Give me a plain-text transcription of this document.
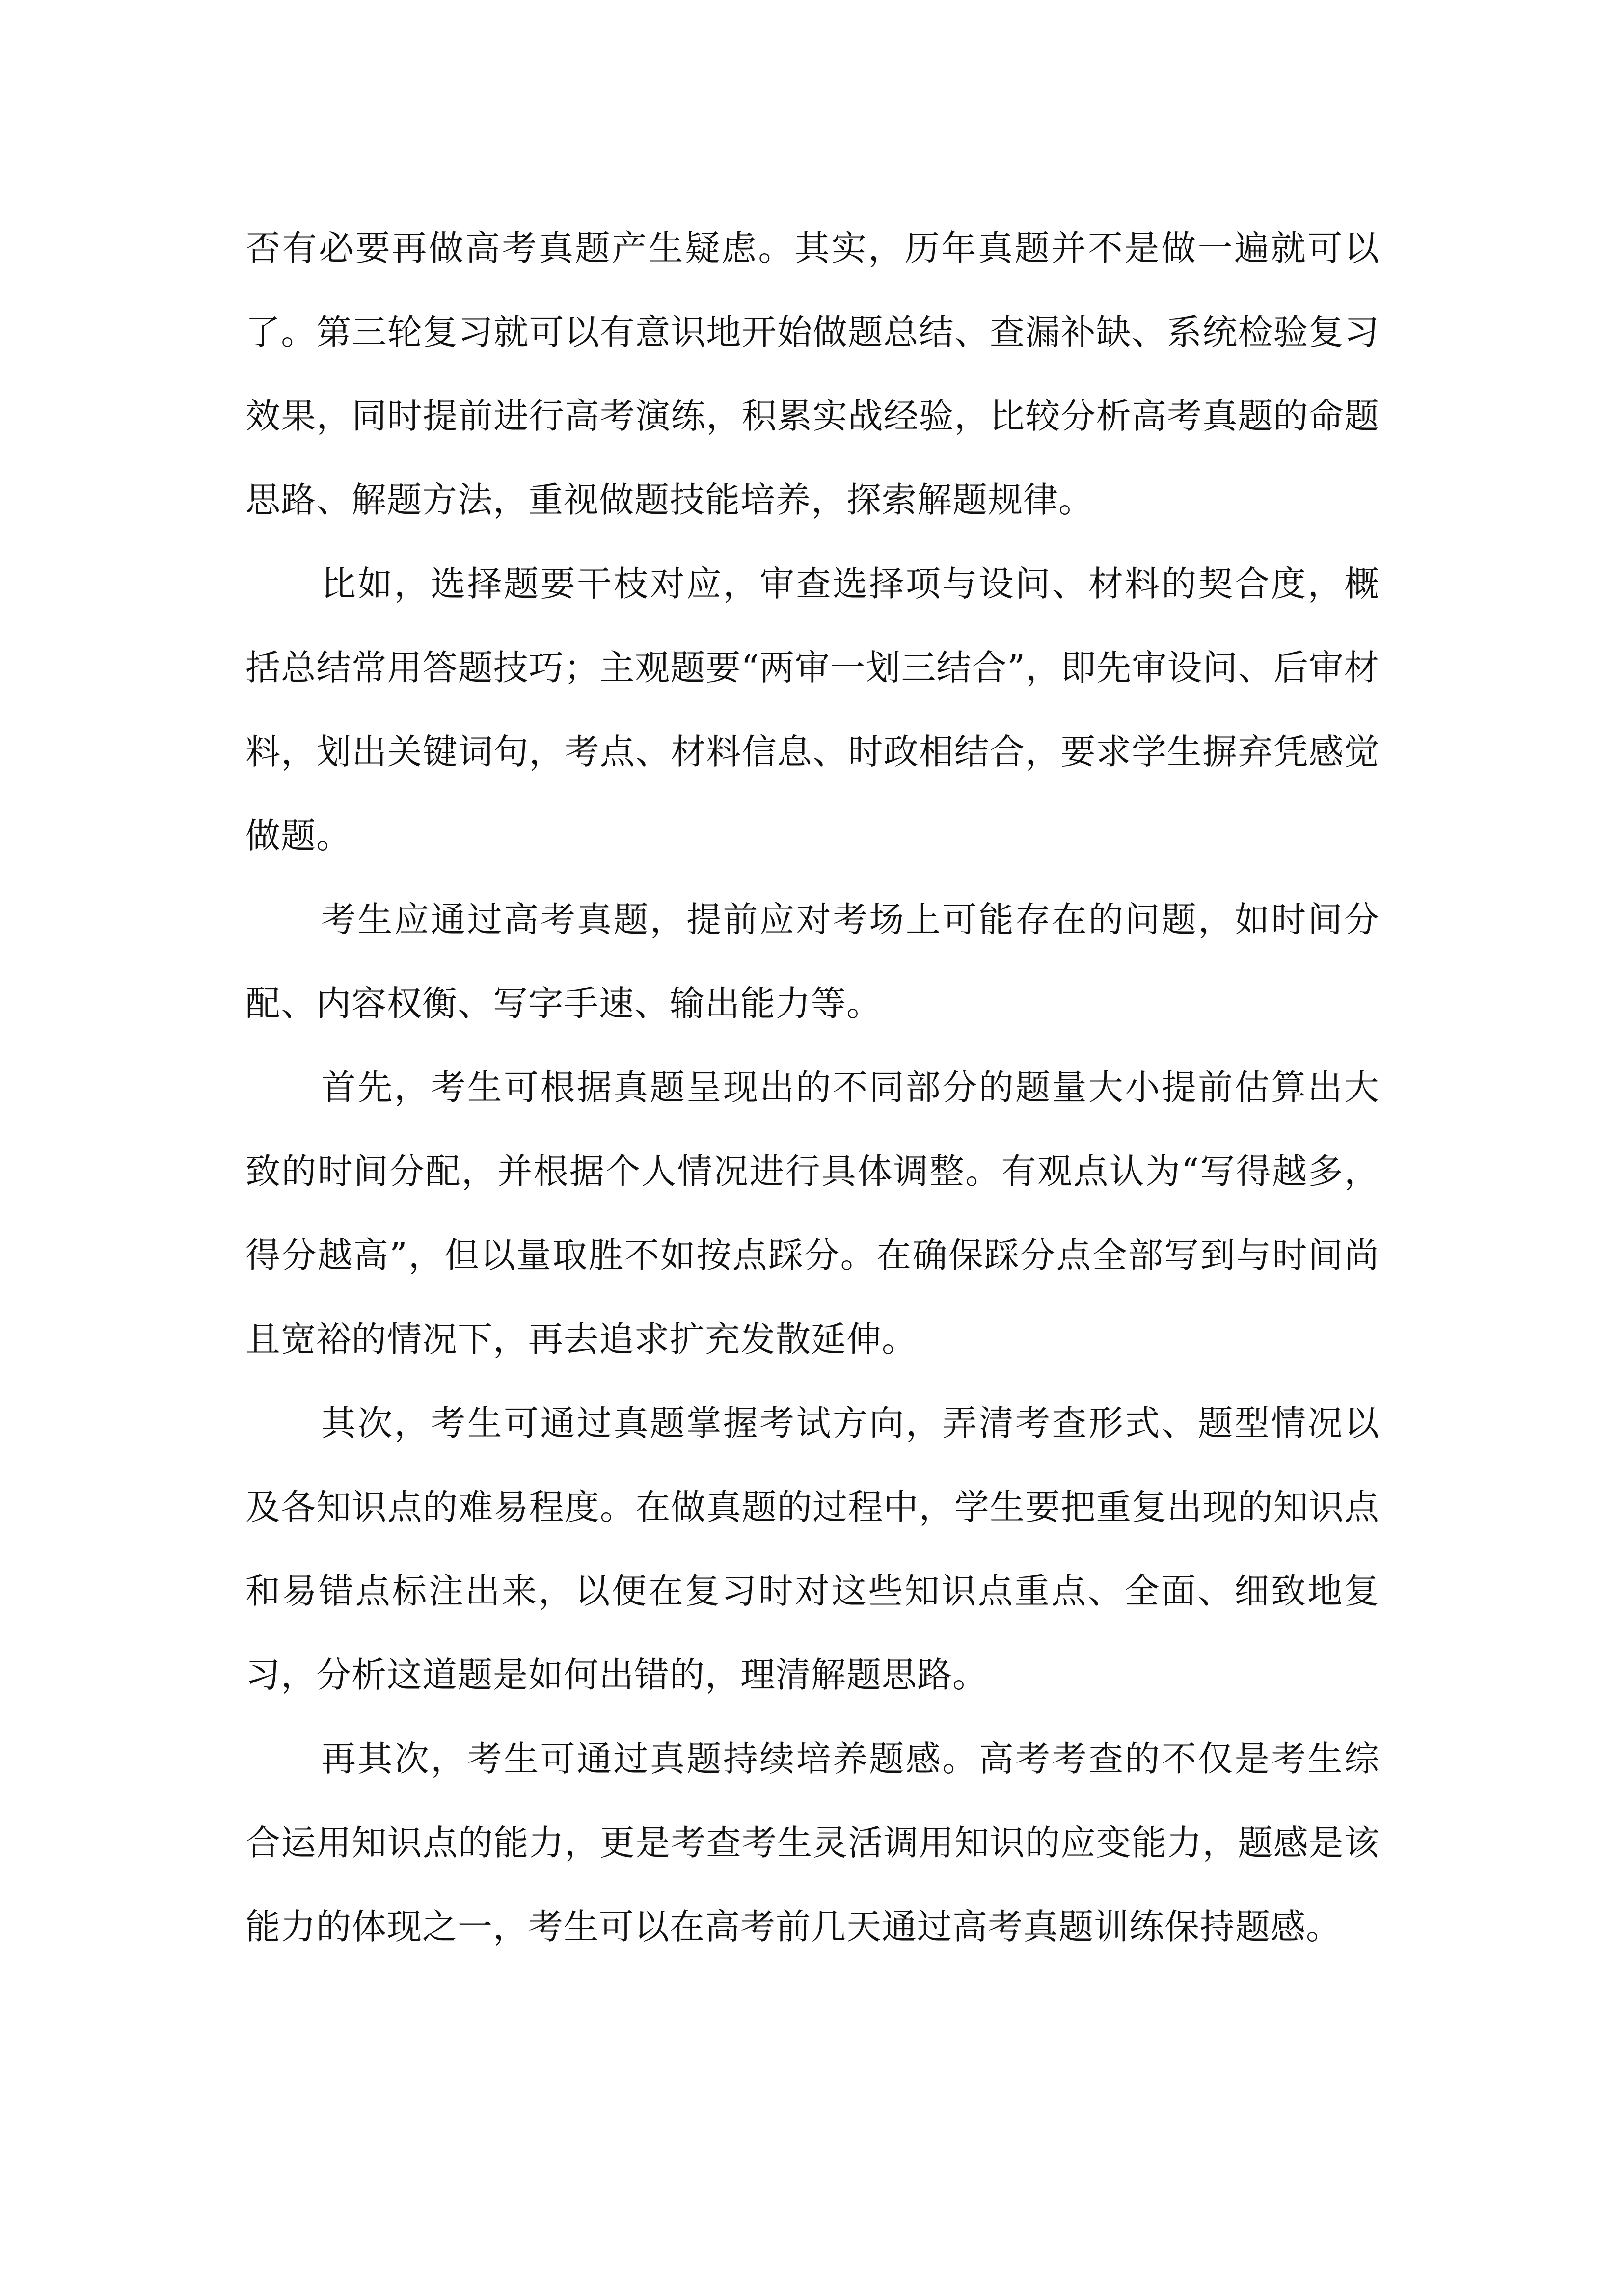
否有必要再做高考真题产生疑虑。其实，历年真题并不是做一遍就可以了。第三轮复习就可以有意识地开始做题总结、查漏补缺、系统检验复习效果，同时提前进行高考演练，积累实战经验，比较分析高考真题的命题思路、解题方法，重视做题技能培养，探索解题规律。

比如，选择题要干枝对应，审查选择项与设问、材料的契合度，概括总结常用答题技巧；主观题要“两审一划三结合”，即先审设问、后审材料，划出关键词句，考点、材料信息、时政相结合，要求学生摒弃凭感觉做题。

考生应通过高考真题，提前应对考场上可能存在的问题，如时间分配、内容权衡、写字手速、输出能力等。

首先，考生可根据真题呈现出的不同部分的题量大小提前估算出大致的时间分配，并根据个人情况进行具体调整。有观点认为“写得越多，得分越高”，但以量取胜不如按点踩分。在确保踩分点全部写到与时间尚且宽裕的情况下，再去追求扩充发散延伸。

其次，考生可通过真题掌握考试方向，弄清考查形式、题型情况以及各知识点的难易程度。在做真题的过程中，学生要把重复出现的知识点和易错点标注出来，以便在复习时对这些知识点重点、全面、细致地复习，分析这道题是如何出错的，理清解题思路。

再其次，考生可通过真题持续培养题感。高考考查的不仅是考生综合运用知识点的能力，更是考查考生灵活调用知识的应变能力，题感是该能力的体现之一，考生可以在高考前几天通过高考真题训练保持题感。
